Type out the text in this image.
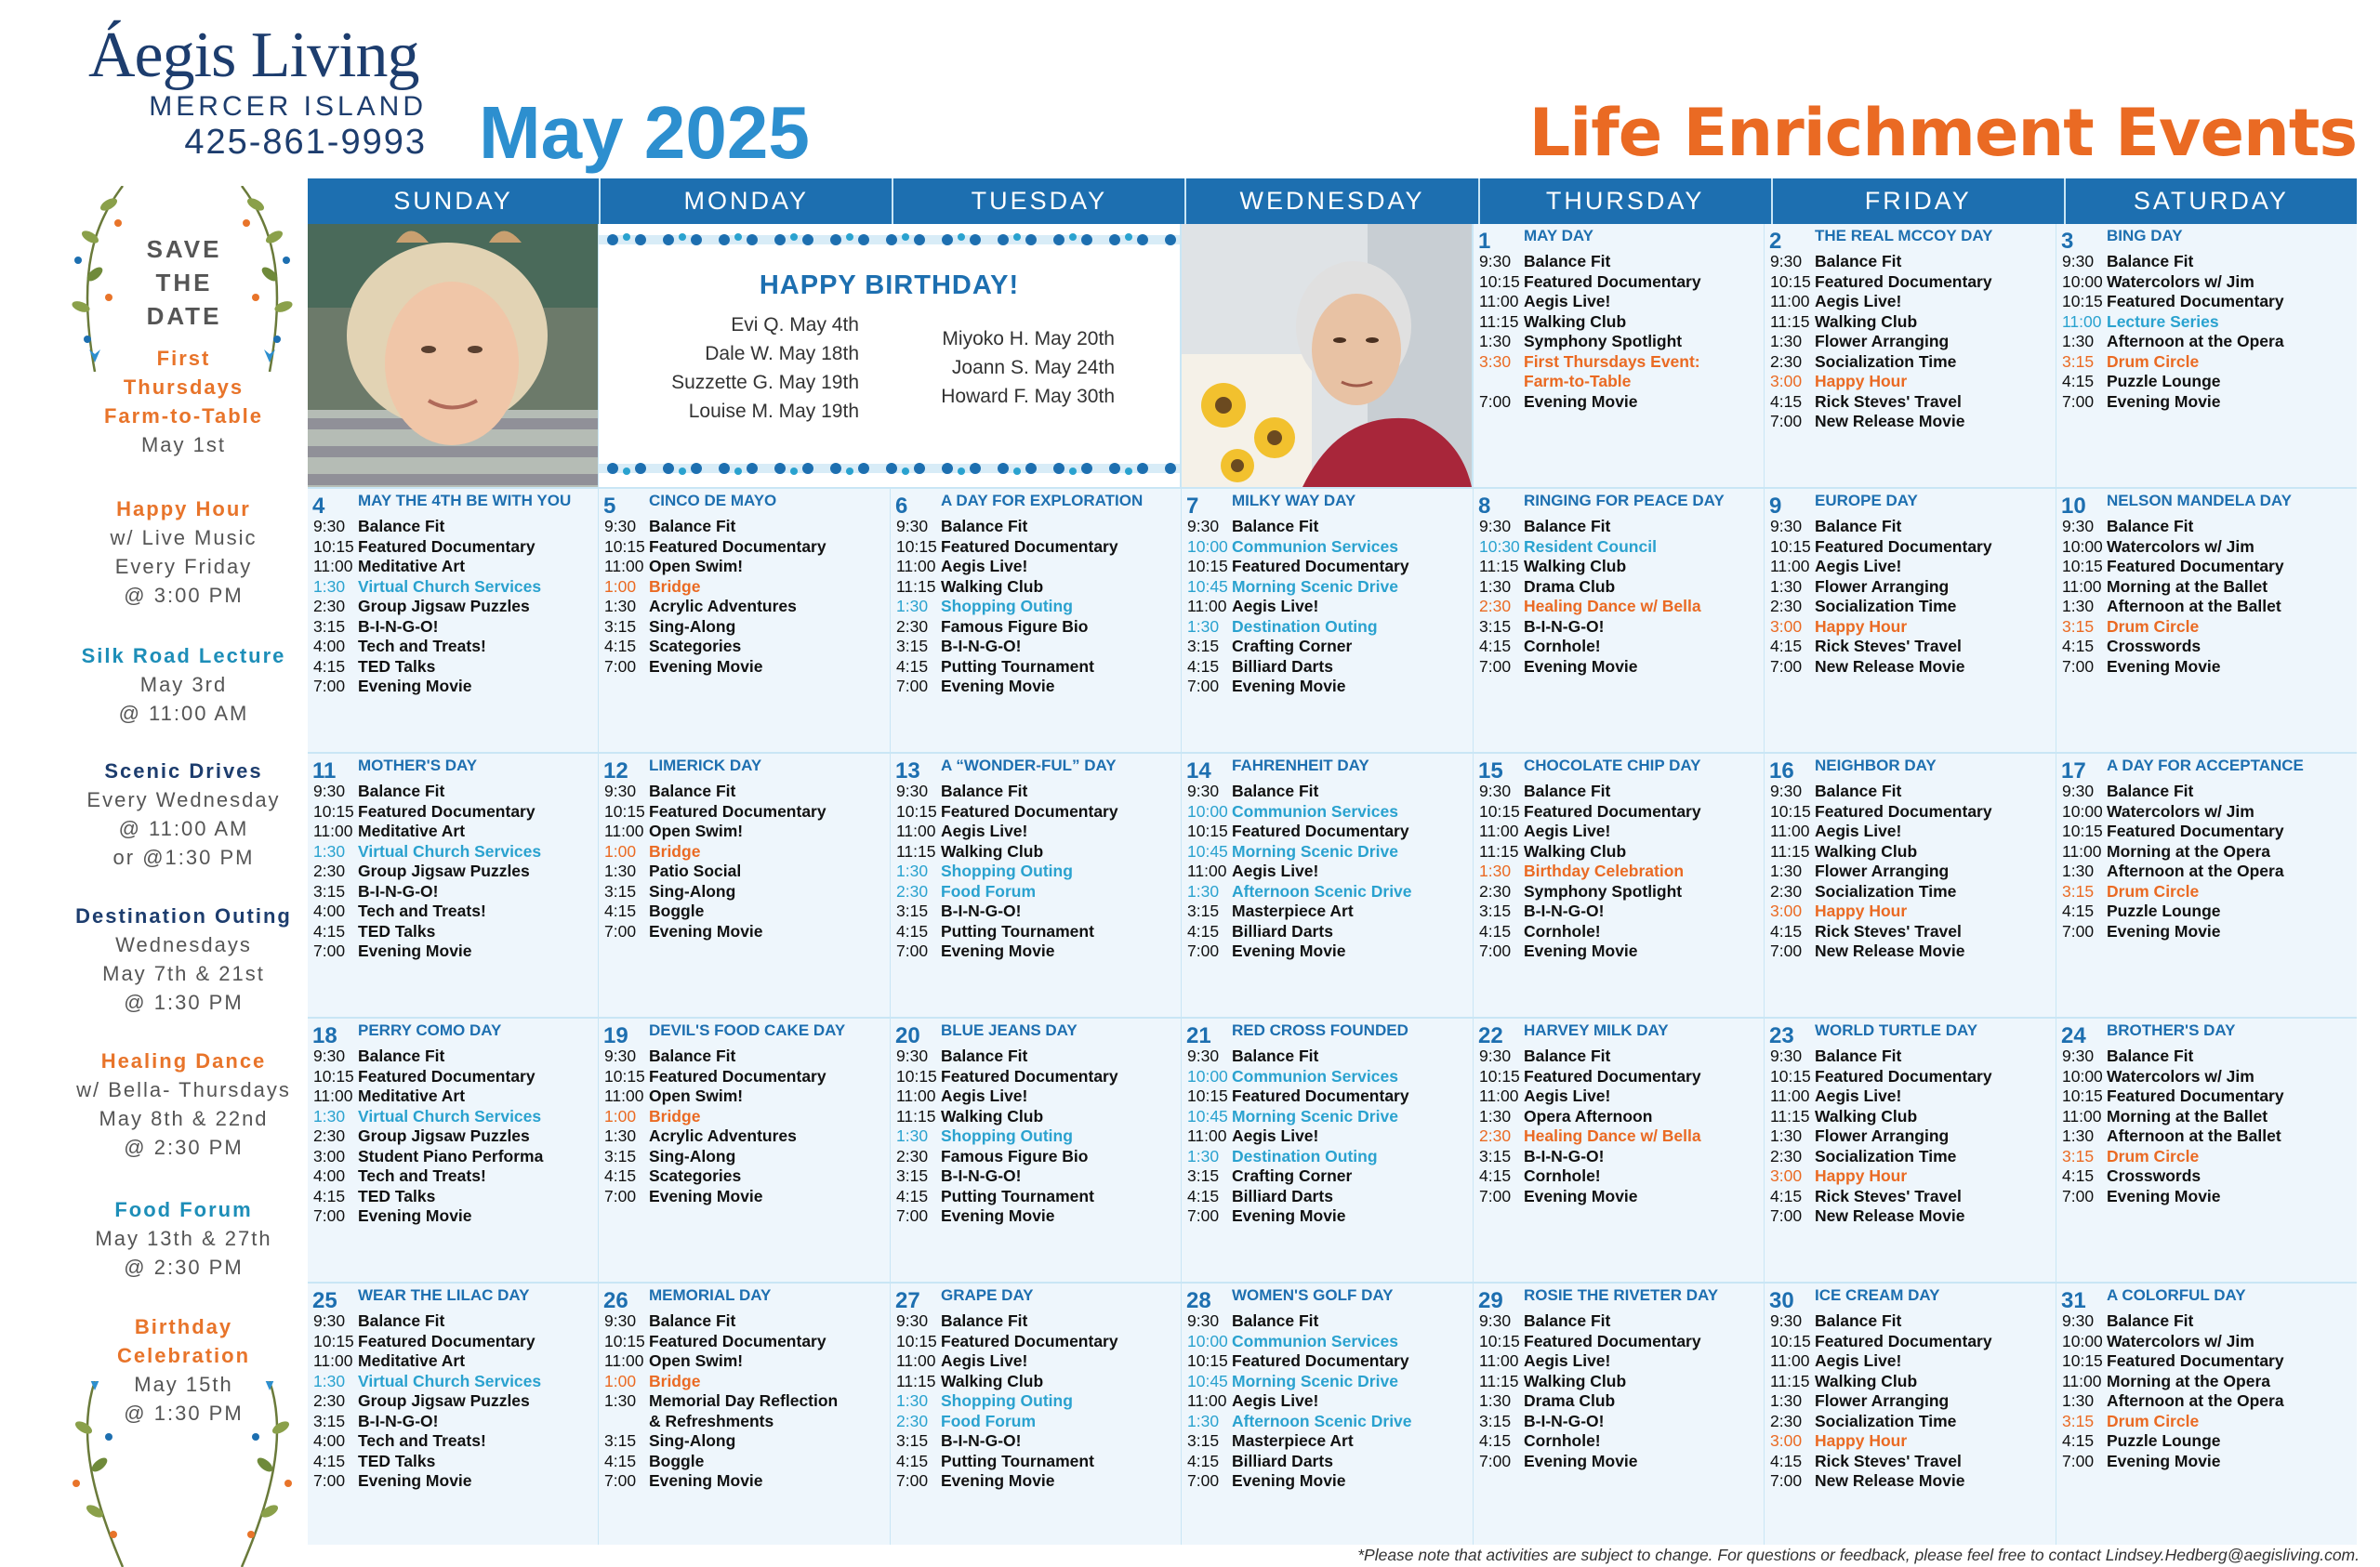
Áegis Living
MERCER ISLAND
425-861-9993 May 2025	Life Enrichment Events
SAVE
THE
DATE
First
Thursdays
Farm-to-Table
May 1st
Happy Hour
w/ Live Music
Every Friday
@ 3:00 PM
Silk Road Lecture
May 3rd
@ 11:00 AM
Scenic Drives
Every Wednesday
@ 11:00 AM
or @1:30 PM
Destination Outing
Wednesdays
May 7th & 21st
@ 1:30 PM
Healing Dance
w/ Bella- Thursdays
May 8th & 22nd
@ 2:30 PM
Food Forum
May 13th & 27th
@ 2:30 PM
Birthday
Celebration
May 15th
@ 1:30 PM
SUNDAY	MONDAY	TUESDAY	WEDNESDAY	THURSDAY	FRIDAY	SATURDAY
HAPPY BIRTHDAY!
Evi Q. May 4th
Dale W. May 18th
Suzzette G. May 19th
Louise M. May 19th
Miyoko H. May 20th
Joann S. May 24th
Howard F. May 30th
1 MAY DAY
9:30 Balance Fit
10:15 Featured Documentary
11:00 Aegis Live!
11:15 Walking Club
1:30 Symphony Spotlight
3:30 First Thursdays Event:
Farm-to-Table
7:00 Evening Movie
2 THE REAL MCCOY DAY
9:30 Balance Fit
10:15 Featured Documentary
11:00 Aegis Live!
11:15 Walking Club
1:30 Flower Arranging
2:30 Socialization Time
3:00 Happy Hour
4:15 Rick Steves' Travel
7:00 New Release Movie
3 BING DAY
9:30 Balance Fit
10:00 Watercolors w/ Jim
10:15 Featured Documentary
11:00 Lecture Series
1:30 Afternoon at the Opera
3:15 Drum Circle
4:15 Puzzle Lounge
7:00 Evening Movie
4 MAY THE 4TH BE WITH YOU
9:30 Balance Fit
10:15 Featured Documentary
11:00 Meditative Art
1:30 Virtual Church Services
2:30 Group Jigsaw Puzzles
3:15 B-I-N-G-O!
4:00 Tech and Treats!
4:15 TED Talks
7:00 Evening Movie
5 CINCO DE MAYO
9:30 Balance Fit
10:15 Featured Documentary
11:00 Open Swim!
1:00 Bridge
1:30 Acrylic Adventures
3:15 Sing-Along
4:15 Scategories
7:00 Evening Movie
6 A DAY FOR EXPLORATION
9:30 Balance Fit
10:15 Featured Documentary
11:00 Aegis Live!
11:15 Walking Club
1:30 Shopping Outing
2:30 Famous Figure Bio
3:15 B-I-N-G-O!
4:15 Putting Tournament
7:00 Evening Movie
7 MILKY WAY DAY
9:30 Balance Fit
10:00 Communion Services
10:15 Featured Documentary
10:45 Morning Scenic Drive
11:00 Aegis Live!
1:30 Destination Outing
3:15 Crafting Corner
4:15 Billiard Darts
7:00 Evening Movie
8 RINGING FOR PEACE DAY
9:30 Balance Fit
10:30 Resident Council
11:15 Walking Club
1:30 Drama Club
2:30 Healing Dance w/ Bella
3:15 B-I-N-G-O!
4:15 Cornhole!
7:00 Evening Movie
9 EUROPE DAY
9:30 Balance Fit
10:15 Featured Documentary
11:00 Aegis Live!
1:30 Flower Arranging
2:30 Socialization Time
3:00 Happy Hour
4:15 Rick Steves' Travel
7:00 New Release Movie
10 NELSON MANDELA DAY
9:30 Balance Fit
10:00 Watercolors w/ Jim
10:15 Featured Documentary
11:00 Morning at the Ballet
1:30 Afternoon at the Ballet
3:15 Drum Circle
4:15 Crosswords
7:00 Evening Movie
11 MOTHER'S DAY
9:30 Balance Fit
10:15 Featured Documentary
11:00 Meditative Art
1:30 Virtual Church Services
2:30 Group Jigsaw Puzzles
3:15 B-I-N-G-O!
4:00 Tech and Treats!
4:15 TED Talks
7:00 Evening Movie
12 LIMERICK DAY
9:30 Balance Fit
10:15 Featured Documentary
11:00 Open Swim!
1:00 Bridge
1:30 Patio Social
3:15 Sing-Along
4:15 Boggle
7:00 Evening Movie
13 A “WONDER-FUL” DAY
9:30 Balance Fit
10:15 Featured Documentary
11:00 Aegis Live!
11:15 Walking Club
1:30 Shopping Outing
2:30 Food Forum
3:15 B-I-N-G-O!
4:15 Putting Tournament
7:00 Evening Movie
14 FAHRENHEIT DAY
9:30 Balance Fit
10:00 Communion Services
10:15 Featured Documentary
10:45 Morning Scenic Drive
11:00 Aegis Live!
1:30 Afternoon Scenic Drive
3:15 Masterpiece Art
4:15 Billiard Darts
7:00 Evening Movie
15 CHOCOLATE CHIP DAY
9:30 Balance Fit
10:15 Featured Documentary
11:00 Aegis Live!
11:15 Walking Club
1:30 Birthday Celebration
2:30 Symphony Spotlight
3:15 B-I-N-G-O!
4:15 Cornhole!
7:00 Evening Movie
16 NEIGHBOR DAY
9:30 Balance Fit
10:15 Featured Documentary
11:00 Aegis Live!
11:15 Walking Club
1:30 Flower Arranging
2:30 Socialization Time
3:00 Happy Hour
4:15 Rick Steves' Travel
7:00 New Release Movie
17 A DAY FOR ACCEPTANCE
9:30 Balance Fit
10:00 Watercolors w/ Jim
10:15 Featured Documentary
11:00 Morning at the Opera
1:30 Afternoon at the Opera
3:15 Drum Circle
4:15 Puzzle Lounge
7:00 Evening Movie
18 PERRY COMO DAY
9:30 Balance Fit
10:15 Featured Documentary
11:00 Meditative Art
1:30 Virtual Church Services
2:30 Group Jigsaw Puzzles
3:00 Student Piano Performa
4:00 Tech and Treats!
4:15 TED Talks
7:00 Evening Movie
19 DEVIL'S FOOD CAKE DAY
9:30 Balance Fit
10:15 Featured Documentary
11:00 Open Swim!
1:00 Bridge
1:30 Acrylic Adventures
3:15 Sing-Along
4:15 Scategories
7:00 Evening Movie
20 BLUE JEANS DAY
9:30 Balance Fit
10:15 Featured Documentary
11:00 Aegis Live!
11:15 Walking Club
1:30 Shopping Outing
2:30 Famous Figure Bio
3:15 B-I-N-G-O!
4:15 Putting Tournament
7:00 Evening Movie
21 RED CROSS FOUNDED
9:30 Balance Fit
10:00 Communion Services
10:15 Featured Documentary
10:45 Morning Scenic Drive
11:00 Aegis Live!
1:30 Destination Outing
3:15 Crafting Corner
4:15 Billiard Darts
7:00 Evening Movie
22 HARVEY MILK DAY
9:30 Balance Fit
10:15 Featured Documentary
11:00 Aegis Live!
1:30 Opera Afternoon
2:30 Healing Dance w/ Bella
3:15 B-I-N-G-O!
4:15 Cornhole!
7:00 Evening Movie
23 WORLD TURTLE DAY
9:30 Balance Fit
10:15 Featured Documentary
11:00 Aegis Live!
11:15 Walking Club
1:30 Flower Arranging
2:30 Socialization Time
3:00 Happy Hour
4:15 Rick Steves' Travel
7:00 New Release Movie
24 BROTHER'S DAY
9:30 Balance Fit
10:00 Watercolors w/ Jim
10:15 Featured Documentary
11:00 Morning at the Ballet
1:30 Afternoon at the Ballet
3:15 Drum Circle
4:15 Crosswords
7:00 Evening Movie
25 WEAR THE LILAC DAY
9:30 Balance Fit
10:15 Featured Documentary
11:00 Meditative Art
1:30 Virtual Church Services
2:30 Group Jigsaw Puzzles
3:15 B-I-N-G-O!
4:00 Tech and Treats!
4:15 TED Talks
7:00 Evening Movie
26 MEMORIAL DAY
9:30 Balance Fit
10:15 Featured Documentary
11:00 Open Swim!
1:00 Bridge
1:30 Memorial Day Reflection
& Refreshments
3:15 Sing-Along
4:15 Boggle
7:00 Evening Movie
27 GRAPE DAY
9:30 Balance Fit
10:15 Featured Documentary
11:00 Aegis Live!
11:15 Walking Club
1:30 Shopping Outing
2:30 Food Forum
3:15 B-I-N-G-O!
4:15 Putting Tournament
7:00 Evening Movie
28 WOMEN'S GOLF DAY
9:30 Balance Fit
10:00 Communion Services
10:15 Featured Documentary
10:45 Morning Scenic Drive
11:00 Aegis Live!
1:30 Afternoon Scenic Drive
3:15 Masterpiece Art
4:15 Billiard Darts
7:00 Evening Movie
29 ROSIE THE RIVETER DAY
9:30 Balance Fit
10:15 Featured Documentary
11:00 Aegis Live!
11:15 Walking Club
1:30 Drama Club
3:15 B-I-N-G-O!
4:15 Cornhole!
7:00 Evening Movie
30 ICE CREAM DAY
9:30 Balance Fit
10:15 Featured Documentary
11:00 Aegis Live!
11:15 Walking Club
1:30 Flower Arranging
2:30 Socialization Time
3:00 Happy Hour
4:15 Rick Steves' Travel
7:00 New Release Movie
31 A COLORFUL DAY
9:30 Balance Fit
10:00 Watercolors w/ Jim
10:15 Featured Documentary
11:00 Morning at the Opera
1:30 Afternoon at the Opera
3:15 Drum Circle
4:15 Puzzle Lounge
7:00 Evening Movie
*Please note that activities are subject to change. For questions or feedback, please feel free to contact Lindsey.Hedberg@aegisliving.com.
